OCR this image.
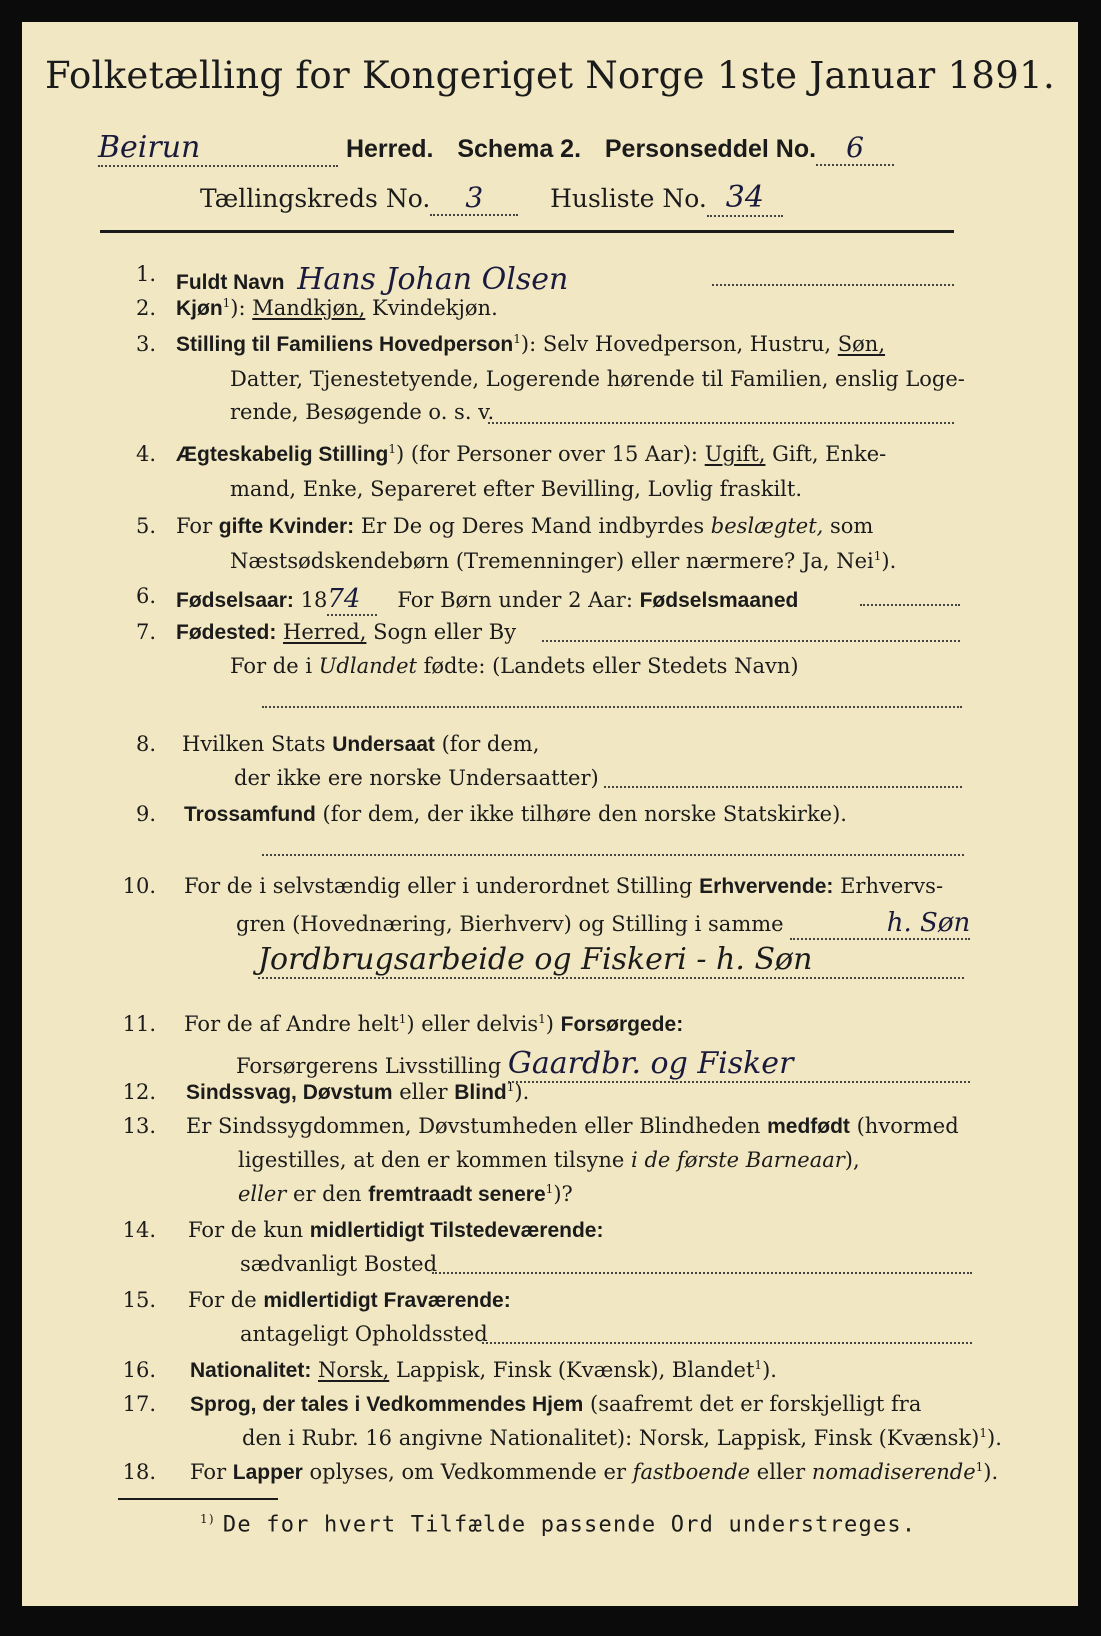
Folketælling for Kongeriget Norge 1ste Januar 1891.
Beirun	Herred. Schema 2. Personseddel No. 6
Tællingskreds No. 3	Husliste No. 34
1. Fuldt Navn Hans Johan Olsen
2. Kjøn$^1$): Mandkjøn, Kvindekjøn.
3. Stilling til Familiens Hovedperson$^1$): Selv Hovedperson, Hustru, Søn,
Datter, Tjenestetyende, Logerende hørende til Familien, enslig Loge-
rende, Besøgende o. s. v.
4. Ægteskabelig Stilling$^1$) (for Personer over 15 Aar): Ugift, Gift, Enke-
mand, Enke, Separeret efter Bevilling, Lovlig fraskilt.
5. For gifte Kvinder: Er De og Deres Mand indbyrdes beslægtet, som
Næstsødskendebørn (Tremenninger) eller nærmere? Ja, Nei$^1$).
6. Fødselsaar: 1874 For Børn under 2 Aar: Fødselsmaaned
7. Fødested: Herred, Sogn eller By
For de i Udlandet fødte: (Landets eller Stedets Navn)
8. Hvilken Stats Undersaat (for dem,
der ikke ere norske Undersaatter)
9. Trossamfund (for dem, der ikke tilhøre den norske Statskirke).
10. For de i selvstændig eller i underordnet Stilling Erhvervende: Erhvervs-
gren (Hovednæring, Bierhverv) og Stilling i samme	h. Søn
Jordbrugsarbeide og Fiskeri - h. Søn
11. For de af Andre helt$^1$) eller delvis$^1$) Forsørgede:
Forsørgerens Livsstilling Gaardbr. og Fisker
12. Sindssvag, Døvstum eller Blind$^1$).
13. Er Sindssygdommen, Døvstumheden eller Blindheden medfødt (hvormed
ligestilles, at den er kommen tilsyne i de første Barneaar),
eller er den fremtraadt senere$^1$)?
14. For de kun midlertidigt Tilstedeværende:
sædvanligt Bosted
15. For de midlertidigt Fraværende:
antageligt Opholdssted
16. Nationalitet: Norsk, Lappisk, Finsk (Kvænsk), Blandet$^1$).
17. Sprog, der tales i Vedkommendes Hjem (saafremt det er forskjelligt fra
den i Rubr. 16 angivne Nationalitet): Norsk, Lappisk, Finsk (Kvænsk)$^1$).
18. For Lapper oplyses, om Vedkommende er fastboende eller nomadiserende$^1$).
$^{1)}$ De for hvert Tilfælde passende Ord understreges.
